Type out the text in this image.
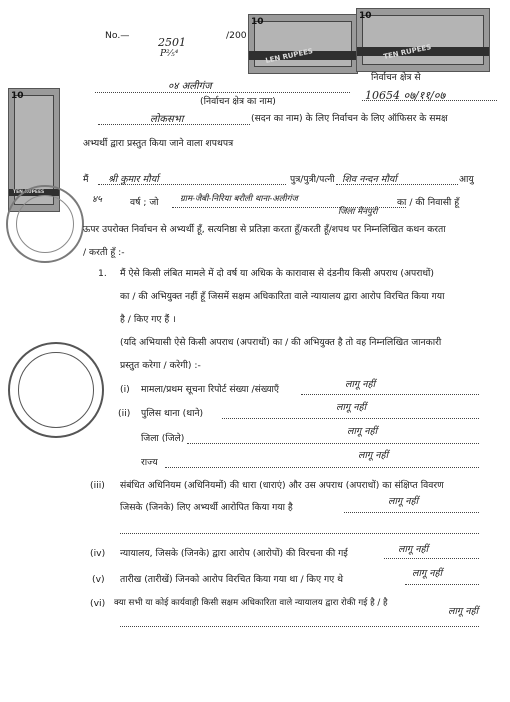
No.—
2501
P²⁄₅⁴
/200
10
LEN RUPEES
10
TEN RUPEES
10
TEN RUPEES
निर्वाचन क्षेत्र से
10654 ०७/११/०७
०४ अलीगंज
(निर्वाचन क्षेत्र का नाम)
लोकसभा	(सदन का नाम) के लिए निर्वाचन के लिए ऑफिसर के समक्ष
अभ्यर्थी द्वारा प्रस्तुत किया जाने वाला शपथपत्र
मैं श्री कुमार मौर्या	पुत्र/पुत्री/पत्नी शिव नन्दन मौर्या	आयु
४५	वर्ष ; जो	ग्राम-जैबी-निरिया बरौली थाना-अलीगंज
जिला मैनपुरी
का / की निवासी हूँ
ऊपर उपरोक्त निर्वाचन से अभ्यर्थी हूँ, सत्यनिष्ठा से प्रतिज्ञा करता हूँ/करती हूँ/शपथ पर निम्नलिखित कथन करता
/ करती हूँ :-
1. मैं ऐसे किसी लंबित मामले में दो वर्ष या अधिक के कारावास से दंडनीय किसी अपराध (अपराधों)
का / की अभियुक्त नहीं हूँ जिसमें सक्षम अधिकारिता वाले न्यायालय द्वारा आरोप विरचित किया गया
है / किए गए हैं ।
(यदि अभियासी ऐसे किसी अपराध (अपराधों) का / की अभियुक्त है तो वह निम्नलिखित जानकारी
प्रस्तुत करेगा / करेगी) :-
(i) मामला/प्रथम सूचना रिपोर्ट संख्या /संख्याएँ	लागू नहीं
(ii) पुलिस थाना (थाने)
लागू नहीं
जिला (जिले)
लागू नहीं
राज्य
लागू नहीं
(iii) संबंधित अधिनियम (अधिनियमों) की धारा (धाराएं) और उस अपराध (अपराधों) का संक्षिप्त विवरण
जिसके (जिनके) लिए अभ्यर्थी आरोपित किया गया है
लागू नहीं
(iv) न्यायालय, जिसके (जिनके) द्वारा आरोप (आरोपों) की विरचना की गई	लागू नहीं
(v) तारीख (तारीखें) जिनको आरोप विरचित किया गया था / किए गए थे
लागू नहीं
(vi) क्या सभी या कोई कार्यवाही किसी सक्षम अधिकारिता वाले न्यायालय द्वारा रोकी गई है / है
लागू नहीं
